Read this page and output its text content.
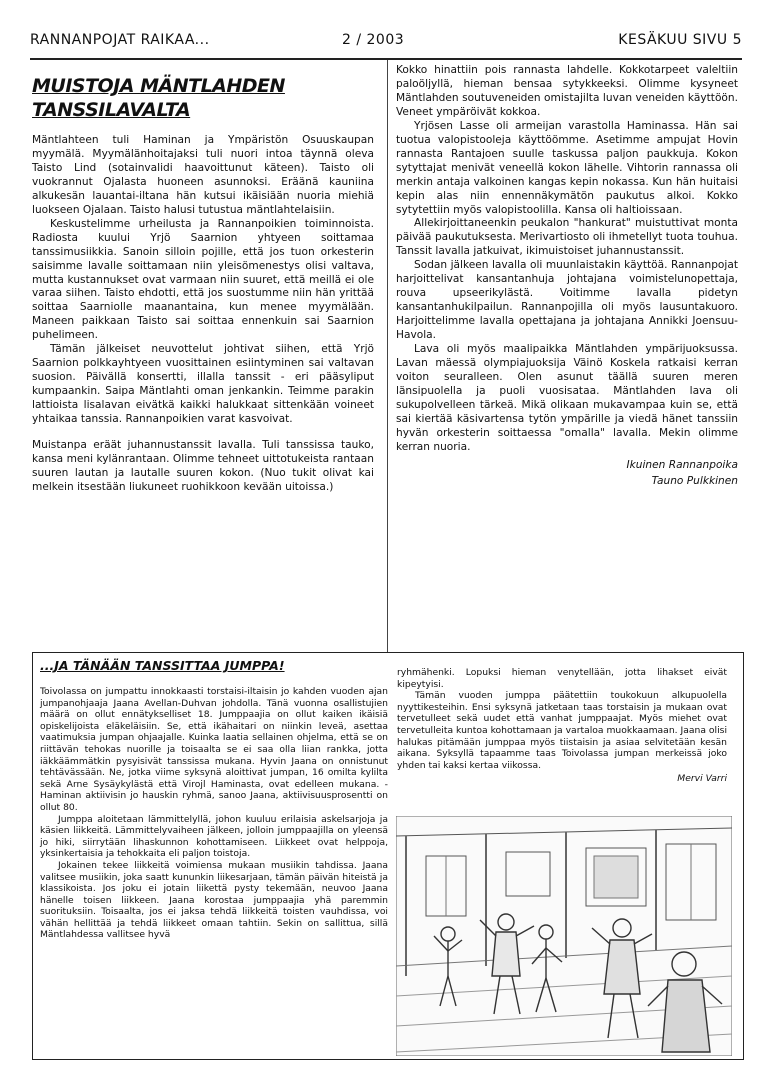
RANNANPOJAT RAIKAA...	2 / 2003	KESÄKUU SIVU 5
MUISTOJA MÄNTLAHDEN
TANSSILAVALTA

Mäntlahteen tuli Haminan ja Ympäristön Osuuskaupan myymälä. Myymälänhoitajaksi tuli nuori intoa täynnä oleva Taisto Lind (sotainvalidi haavoittunut käteen). Taisto oli vuokrannut Ojalasta huoneen asunnoksi. Eräänä kauniina alkukesän lauantai-iltana hän kutsui ikäisiään nuoria miehiä luokseen Ojalaan. Taisto halusi tutustua mäntlahtelaisiin.

Keskustelimme urheilusta ja Rannanpoikien toiminnoista. Radiosta kuului Yrjö Saarnion yhtyeen soittamaa tanssimusiikkia. Sanoin silloin pojille, että jos tuon orkesterin saisimme lavalle soittamaan niin yleisömenestys olisi valtava, mutta kustannukset ovat varmaan niin suuret, että meillä ei ole varaa siihen. Taisto ehdotti, että jos suostumme niin hän yrittää soittaa Saarniolle maanantaina, kun menee myymälään. Maneen paikkaan Taisto sai soittaa ennenkuin sai Saarnion puhelimeen.

Tämän jälkeiset neuvottelut johtivat siihen, että Yrjö Saarnion polkkayhtyeen vuosittainen esiintyminen sai valtavan suosion. Päivällä konsertti, illalla tanssit - eri pääsyliput kumpaankin. Saipa Mäntlahti oman jenkankin. Teimme parakin lattioista lisalavan eivätkä kaikki halukkaat sittenkään voineet yhtaikaa tanssia. Rannanpoikien varat kasvoivat.

Muistanpa eräät juhannustanssit lavalla. Tuli tanssissa tauko, kansa meni kylänrantaan. Olimme tehneet uittotukeista rantaan suuren lautan ja lautalle suuren kokon. (Nuo tukit olivat kai melkein itsestään liukuneet ruohikkoon kevään uitoissa.)

Kokko hinattiin pois rannasta lahdelle. Kokkotarpeet valeltiin paloöljyllä, hieman bensaa sytykkeeksi. Olimme kysyneet Mäntlahden soutuveneiden omistajilta luvan veneiden käyttöön. Veneet ympäröivät kokkoa.

Yrjösen Lasse oli armeijan varastolla Haminassa. Hän sai tuotua valopistooleja käyttöömme. Asetimme ampujat Hovin rannasta Rantajoen suulle taskussa paljon paukkuja. Kokon sytyttajat menivät veneellä kokon lähelle. Vihtorin rannassa oli merkin antaja valkoinen kangas kepin nokassa. Kun hän huitaisi kepin alas niin ennennäkymätön paukutus alkoi. Kokko sytytettiin myös valopistoolilla. Kansa oli haltioissaan.

Allekirjoittaneenkin peukalon "hankurat" muistuttivat monta päivää paukutuksesta. Merivartiosto oli ihmetellyt tuota touhua. Tanssit lavalla jatkuivat, ikimuistoiset juhannustanssit.

Sodan jälkeen lavalla oli muunlaistakin käyttöä. Rannanpojat harjoittelivat kansantanhuja johtajana voimistelunopettaja, rouva upseerikylästä. Voitimme lavalla pidetyn kansantanhukilpailun. Rannanpojilla oli myös lausuntakuoro. Harjoittelimme lavalla opettajana ja johtajana Annikki Joensuu-Havola.

Lava oli myös maalipaikka Mäntlahden ympärijuoksussa. Lavan mäessä olympiajuoksija Väinö Koskela ratkaisi kerran voiton seuralleen. Olen asunut täällä suuren meren länsipuolella ja puoli vuosisataa. Mäntlahden lava oli sukupolvelleen tärkeä. Mikä olikaan mukavampaa kuin se, että sai kiertää käsivartensa tytön ympärille ja viedä hänet tanssiin hyvän orkesterin soittaessa "omalla" lavalla. Mekin olimme kerran nuoria.

Ikuinen Rannanpoika
Tauno Pulkkinen
...JA TÄNÄÄN TANSSITTAA JUMPPA!

Toivolassa on jumpattu innokkaasti torstaisi-iltaisin jo kahden vuoden ajan jumpanohjaaja Jaana Avellan-Duhvan johdolla. Tänä vuonna osallistujien määrä on ollut ennätykselliset 18. Jumppaajia on ollut kaiken ikäisiä opiskelijoista eläkeläisiin. Se, että ikähaitari on niinkin leveä, asettaa vaatimuksia jumpan ohjaajalle. Kuinka laatia sellainen ohjelma, että se on riittävän tehokas nuorille ja toisaalta se ei saa olla liian rankka, jotta iäkkäämmätkin pysyisivät tanssissa mukana. Hyvin Jaana on onnistunut tehtävässään. Ne, jotka viime syksynä aloittivat jumpan, 16 omilta kylilta sekä Arne Sysäykylästä että Virojl Haminasta, ovat edelleen mukana. - Haminan aktiivisin jo hauskin ryhmä, sanoo Jaana, aktiivisuusprosentti on ollut 80.

Jumppa aloitetaan lämmittelyllä, johon kuuluu erilaisia askelsarjoja ja käsien liikkeitä. Lämmittelyvaiheen jälkeen, jolloin jumppaajilla on yleensä jo hiki, siirrytään lihaskunnon kohottamiseen. Liikkeet ovat helppoja, yksinkertaisia ja tehokkaita eli paljon toistoja.

Jokainen tekee liikkeitä voimiensa mukaan musiikin tahdissa. Jaana valitsee musiikin, joka saatt kununkin liikesarjaan, tämän päivän hiteistä ja klassikoista. Jos joku ei jotain liikettä pysty tekemään, neuvoo Jaana hänelle toisen liikkeen. Jaana korostaa jumppaajia yhä paremmin suorituksiin. Toisaalta, jos ei jaksa tehdä liikkeitä toisten vauhdissa, voi vähän hellittää ja tehdä liikkeet omaan tahtiin. Sekin on sallittua, sillä Mäntlahdessa vallitsee hyvä

ryhmähenki. Lopuksi hieman venytellään, jotta lihakset eivät kipeytyisi.

Tämän vuoden jumppa päätettiin toukokuun alkupuolella nyyttikesteihin. Ensi syksynä jatketaan taas torstaisin ja mukaan ovat tervetulleet sekä uudet että vanhat jumppaajat. Myös miehet ovat tervetulleita kuntoa kohottamaan ja vartaloa muokkaamaan. Jaana olisi halukas pitämään jumppaa myös tiistaisin ja asiaa selvitetään kesän aikana. Syksyllä tapaamme taas Toivolassa jumpan merkeissä joko yhden tai kaksi kertaa viikossa.

Mervi Varri
